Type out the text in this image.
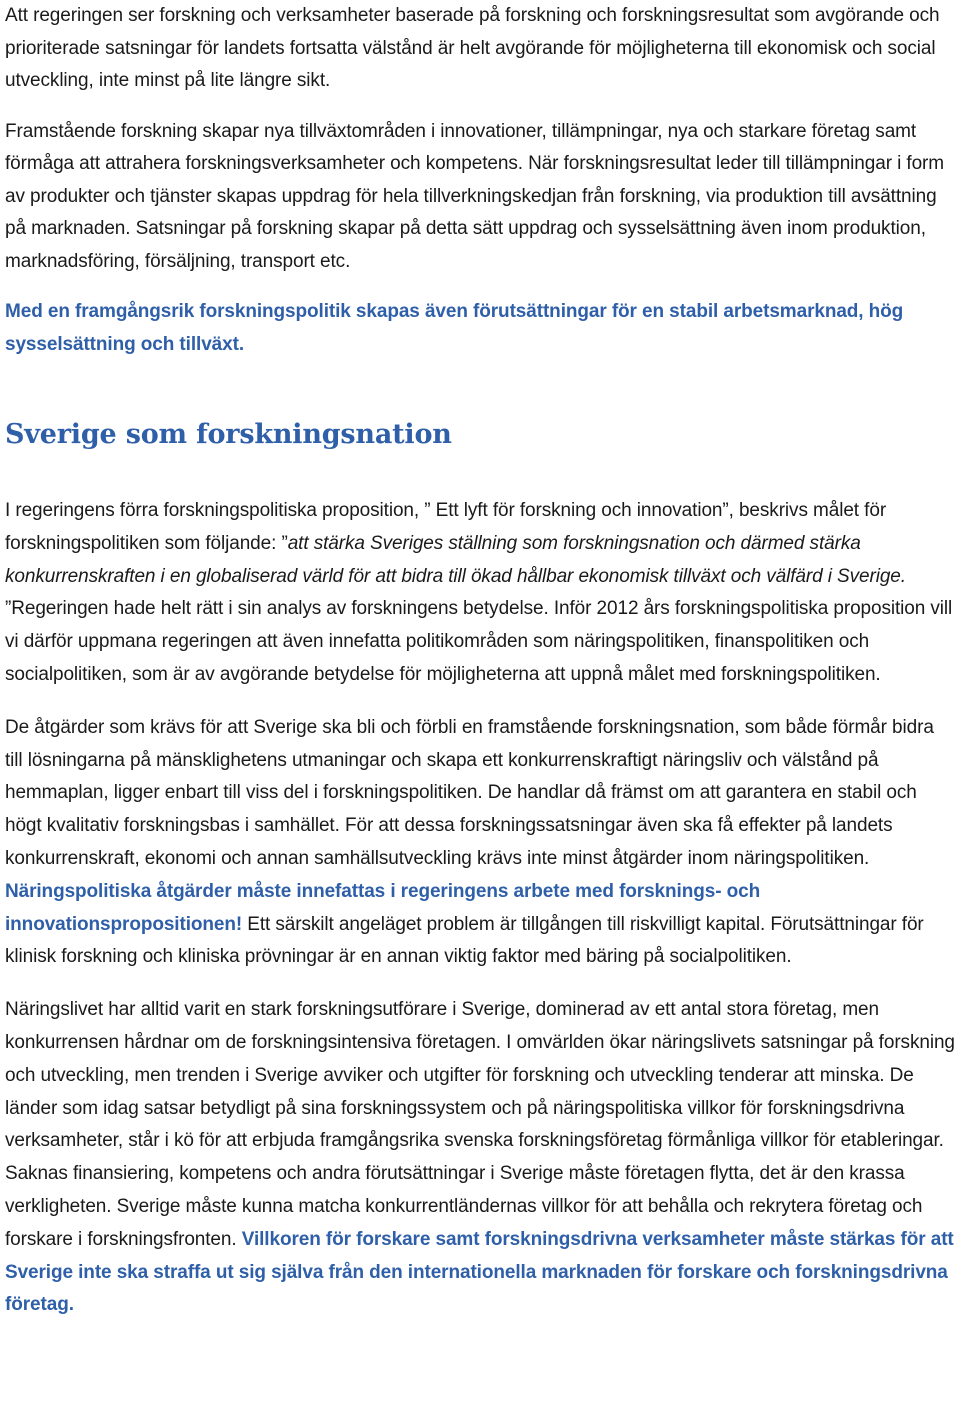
Att regeringen ser forskning och verksamheter baserade på forskning och forskningsresultat som avgörande och prioriterade satsningar för landets fortsatta välstånd är helt avgörande för möjligheterna till ekonomisk och social utveckling, inte minst på lite längre sikt.

Framstående forskning skapar nya tillväxtområden i innovationer, tillämpningar, nya och starkare företag samt förmåga att attrahera forskningsverksamheter och kompetens. När forskningsresultat leder till tillämpningar i form av produkter och tjänster skapas uppdrag för hela tillverkningskedjan från forskning, via produktion till avsättning på marknaden. Satsningar på forskning skapar på detta sätt uppdrag och sysselsättning även inom produktion, marknadsföring, försäljning, transport etc.

Med en framgångsrik forskningspolitik skapas även förutsättningar för en stabil arbetsmarknad, hög sysselsättning och tillväxt.

Sverige som forskningsnation

I regeringens förra forskningspolitiska proposition, ” Ett lyft för forskning och innovation”, beskrivs målet för forskningspolitiken som följande: ”att stärka Sveriges ställning som forskningsnation och därmed stärka konkurrenskraften i en globaliserad värld för att bidra till ökad hållbar ekonomisk tillväxt och välfärd i Sverige. ”Regeringen hade helt rätt i sin analys av forskningens betydelse. Inför 2012 års forskningspolitiska proposition vill vi därför uppmana regeringen att även innefatta politikområden som näringspolitiken, finanspolitiken och socialpolitiken, som är av avgörande betydelse för möjligheterna att uppnå målet med forskningspolitiken.

De åtgärder som krävs för att Sverige ska bli och förbli en framstående forskningsnation, som både förmår bidra till lösningarna på mänsklighetens utmaningar och skapa ett konkurrenskraftigt näringsliv och välstånd på hemmaplan, ligger enbart till viss del i forskningspolitiken. De handlar då främst om att garantera en stabil och högt kvalitativ forskningsbas i samhället. För att dessa forskningssatsningar även ska få effekter på landets konkurrenskraft, ekonomi och annan samhällsutveckling krävs inte minst åtgärder inom näringspolitiken. Näringspolitiska åtgärder måste innefattas i regeringens arbete med forsknings- och innovationspropositionen! Ett särskilt angeläget problem är tillgången till riskvilligt kapital. Förutsättningar för klinisk forskning och kliniska prövningar är en annan viktig faktor med bäring på socialpolitiken.

Näringslivet har alltid varit en stark forskningsutförare i Sverige, dominerad av ett antal stora företag, men konkurrensen hårdnar om de forskningsintensiva företagen. I omvärlden ökar näringslivets satsningar på forskning och utveckling, men trenden i Sverige avviker och utgifter för forskning och utveckling tenderar att minska. De länder som idag satsar betydligt på sina forskningssystem och på näringspolitiska villkor för forskningsdrivna verksamheter, står i kö för att erbjuda framgångsrika svenska forskningsföretag förmånliga villkor för etableringar. Saknas finansiering, kompetens och andra förutsättningar i Sverige måste företagen flytta, det är den krassa verkligheten. Sverige måste kunna matcha konkurrentländernas villkor för att behålla och rekrytera företag och forskare i forskningsfronten. Villkoren för forskare samt forskningsdrivna verksamheter måste stärkas för att Sverige inte ska straffa ut sig själva från den internationella marknaden för forskare och forskningsdrivna företag.
